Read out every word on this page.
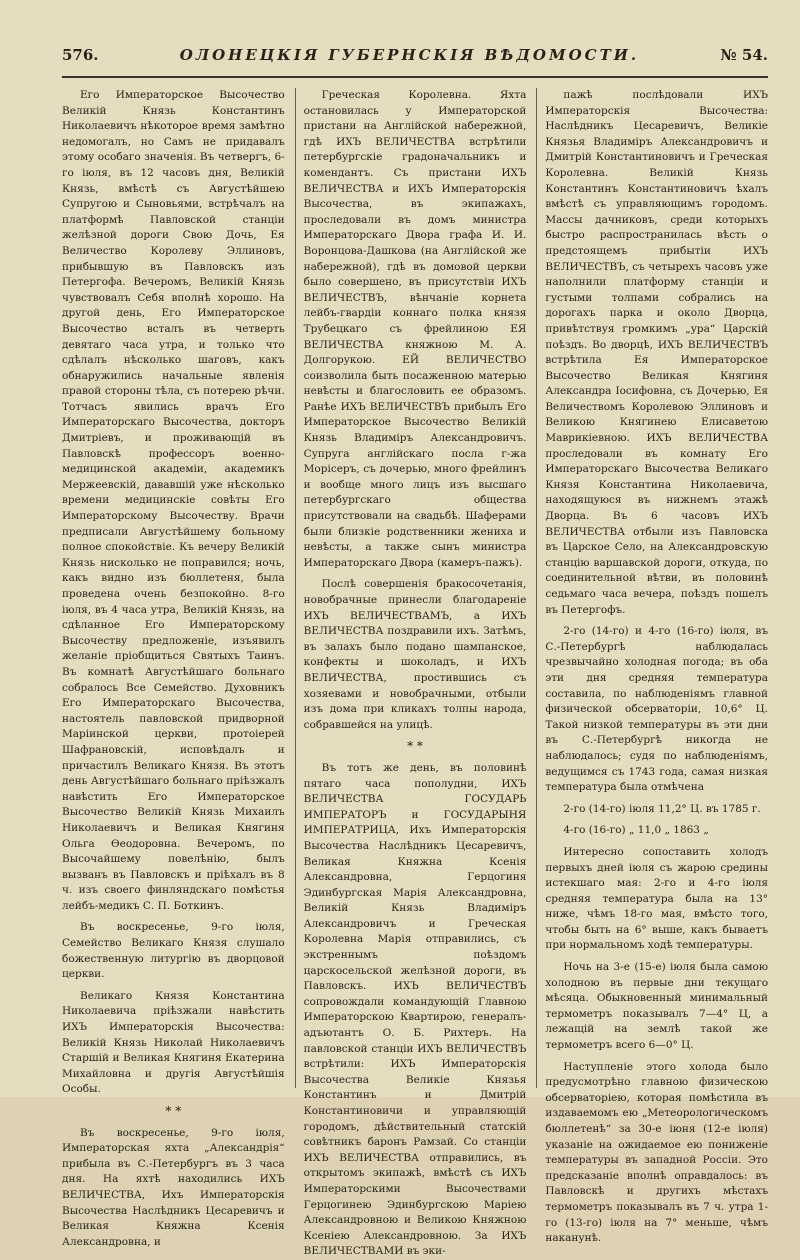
576.	ОЛОНЕЦКІЯ ГУБЕРНСКІЯ ВѢДОМОСТИ.	№ 54.

Его Императорское Высочество Великій Князь Константинъ Николаевичъ нѣкоторое время замѣтно недомогалъ, но Самъ не придавалъ этому особаго значенія. Въ четвергъ, 6-го іюля, въ 12 часовъ дня, Великій Князь, вмѣстѣ съ Августѣйшею Супругою и Сыновьями, встрѣчалъ на платформѣ Павловской станціи желѣзной дороги Свою Дочь, Ея Величество Королеву Эллиновъ, прибывшую въ Павловскъ изъ Петергофа. Вечеромъ, Великій Князь чувствовалъ Себя вполнѣ хорошо. На другой день, Его Императорское Высочество всталъ въ четверть девятаго часа утра, и только что сдѣлалъ нѣсколько шаговъ, какъ обнаружились начальные явленія правой стороны тѣла, съ потерею рѣчи. Тотчасъ явились врачъ Его Императорскаго Высочества, докторъ Дмитріевъ, и проживающій въ Павловскѣ профессоръ военно-медицинской академіи, академикъ Мержеевскій, дававшій уже нѣсколько времени медицинскіе совѣты Его Императорскому Высочеству. Врачи предписали Августѣйшему больному полное спокойствіе. Къ вечеру Великій Князь нисколько не поправился; ночь, какъ видно изъ бюллетеня, была проведена очень безпокойно. 8-го іюля, въ 4 часа утра, Великій Князь, на сдѣланное Его Императорскому Высочеству предложеніе, изъявилъ желаніе пріобщиться Святыхъ Таинъ. Въ комнатѣ Августѣйшаго больнаго собралось Все Семейство. Духовникъ Его Императорскаго Высочества, настоятель павловской придворной Маріинской церкви, протоіерей Шафрановскій, исповѣдалъ и причастилъ Великаго Князя. Въ этотъ день Августѣйшаго больнаго пріѣзжалъ навѣстить Его Императорское Высочество Великій Князь Михаилъ Николаевичъ и Великая Княгиня Ольга Ѳеодоровна. Вечеромъ, по Высочайшему повелѣнію, былъ вызванъ въ Павловскъ и пріѣхалъ въ 8 ч. изъ своего финляндскаго помѣстья лейбъ-медикъ С. П. Боткинъ.

Въ воскресенье, 9-го іюля, Семейство Великаго Князя слушало божественную литургію въ дворцовой церкви.

Великаго Князя Константина Николаевича пріѣзжали навѣстить ИХЪ Императорскія Высочества: Великій Князь Николай Николаевичъ Старшій и Великая Княгиня Екатерина Михайловна и другія Августѣйшія Особы.

* *

Въ воскресенье, 9-го іюля, Императорская яхта „Александрія“ прибыла въ С.-Петербургъ въ 3 часа дня. На яхтѣ находились ИХЪ ВЕЛИЧЕСТВА, Ихъ Императорскія Высочества Наслѣдникъ Цесаревичъ и Великая Княжна Ксенія Александровна, и

Греческая Королевна. Яхта остановилась у Императорской пристани на Англійской набережной, гдѣ ИХЪ ВЕЛИЧЕСТВА встрѣтили петербургскіе градоначальникъ и комендантъ. Съ пристани ИХЪ ВЕЛИЧЕСТВА и ИХЪ Императорскія Высочества, въ экипажахъ, проследовали въ домъ министра Императорскаго Двора графа И. И. Воронцова-Дашкова (на Англійской же набережной), гдѣ въ домовой церкви было совершено, въ присутствіи ИХЪ ВЕЛИЧЕСТВЪ, вѣнчаніе корнета лейбъ-гвардіи коннаго полка князя Трубецкаго съ фрейлиною ЕЯ ВЕЛИЧЕСТВА княжною М. А. Долгорукою. ЕЙ ВЕЛИЧЕСТВО соизволила быть посаженною матерью невѣсты и благословить ее образомъ. Ранѣе ИХЪ ВЕЛИЧЕСТВЪ прибылъ Его Императорское Высочество Великій Князь Владиміръ Александровичъ. Супруга англійскаго посла г-жа Морісеръ, съ дочерью, много фрейлинъ и вообще много лицъ изъ высшаго петербургскаго общества присутствовали на свадьбѣ. Шаферами были близкіе родственники жениха и невѣсты, а также сынъ министра Императорскаго Двора (камеръ-пажъ).

Послѣ совершенія бракосочетанія, новобрачные принесли благодареніе ИХЪ ВЕЛИЧЕСТВАМЪ, а ИХЪ ВЕЛИЧЕСТВА поздравили ихъ. Затѣмъ, въ залахъ было подано шампанское, конфекты и шоколадъ, и ИХЪ ВЕЛИЧЕСТВА, простившись съ хозяевами и новобрачными, отбыли изъ дома при кликахъ толпы народа, собравшейся на улицѣ.

* *

Въ тотъ же день, въ половинѣ пятаго часа пополудни, ИХЪ ВЕЛИЧЕСТВА ГОСУДАРЬ ИМПЕРАТОРЪ и ГОСУДАРЫНЯ ИМПЕРАТРИЦА, Ихъ Императорскія Высочества Наслѣдникъ Цесаревичъ, Великая Княжна Ксенія Александровна, Герцогиня Эдинбургская Марія Александровна, Великій Князь Владиміръ Александровичъ и Греческая Королевна Марія отправились, съ экстреннымъ поѣздомъ царскосельской желѣзной дороги, въ Павловскъ. ИХЪ ВЕЛИЧЕСТВЪ сопровождали командующій Главною Императорскою Квартирою, генералъ-адъютантъ О. Б. Рихтеръ. На павловской станціи ИХЪ ВЕЛИЧЕСТВЪ встрѣтили: ИХЪ Императорскія Высочества Великіе Князья Константинъ и Дмитрій Константиновичи и управляющій городомъ, дѣйствительный статскій совѣтникъ баронъ Рамзай. Со станціи ИХЪ ВЕЛИЧЕСТВА отправились, въ открытомъ экипажѣ, вмѣстѣ съ ИХЪ Императорскими Высочествами Герцогинею Эдинбургскою Маріею Александровною и Великою Княжною Ксеніею Александровною. За ИХЪ ВЕЛИЧЕСТВАМИ въ эки-

пажѣ послѣдовали ИХЪ Императорскія Высочества: Наслѣдникъ Цесаревичъ, Великіе Князья Владиміръ Александровичъ и Дмитрій Константиновичъ и Греческая Королевна. Великій Князь Константинъ Константиновичъ ѣхалъ вмѣстѣ съ управляющимъ городомъ. Массы дачниковъ, среди которыхъ быстро распространилась вѣсть о предстоящемъ прибытіи ИХЪ ВЕЛИЧЕСТВЪ, съ четырехъ часовъ уже наполнили платформу станціи и густыми толпами собрались на дорогахъ парка и около Дворца, привѣтствуя громкимъ „ура“ Царскій поѣздъ. Во дворцѣ, ИХЪ ВЕЛИЧЕСТВЪ встрѣтила Ея Императорское Высочество Великая Княгиня Александра Іосифовна, съ Дочерью, Ея Величествомъ Королевою Эллиновъ и Великою Княгинею Елисаветою Маврикіевною. ИХЪ ВЕЛИЧЕСТВА проследовали въ комнату Его Императорскаго Высочества Великаго Князя Константина Николаевича, находящуюся въ нижнемъ этажѣ Дворца. Въ 6 часовъ ИХЪ ВЕЛИЧЕСТВА отбыли изъ Павловска въ Царское Село, на Александровскую станцію варшавской дороги, откуда, по соединительной вѣтви, въ половинѣ седьмаго часа вечера, поѣздъ пошелъ въ Петергофъ.

2-го (14-го) и 4-го (16-го) іюля, въ С.-Петербургѣ наблюдалась чрезвычайно холодная погода; въ оба эти дня средняя температура составила, по наблюденіямъ главной физической обсерваторіи, 10,6° Ц. Такой низкой температуры въ эти дни въ С.-Петербургѣ никогда не наблюдалось; судя по наблюденіямъ, ведущимся съ 1743 года, самая низкая температура была отмѣчена

2-го (14-го) іюля 11,2° Ц. въ 1785 г.

4-го (16-го) „ 11,0 „ 1863 „

Интересно сопоставить холодъ первыхъ дней іюля съ жарою средины истекшаго мая: 2-го и 4-го іюля средняя температура была на 13° ниже, чѣмъ 18-го мая, вмѣсто того, чтобы быть на 6° выше, какъ бываетъ при нормальномъ ходѣ температуры.

Ночь на 3-е (15-е) іюля была самою холодною въ первые дни текущаго мѣсяца. Обыкновенный минимальный термометръ показывалъ 7—4° Ц, а лежащій на землѣ такой же термометръ всего 6—0° Ц.

Наступленіе этого холода было предусмотрѣно главною физическою обсерваторіею, которая помѣстила въ издаваемомъ ею „Метеорологическомъ бюллетенѣ“ за 30-е іюня (12-е іюля) указаніе на ожидаемое ею пониженіе температуры въ западной Россіи. Это предсказаніе вполнѣ оправдалось: въ Павловскѣ и другихъ мѣстахъ термометръ показывалъ въ 7 ч. утра 1-го (13-го) іюля на 7° меньше, чѣмъ наканунѣ.
